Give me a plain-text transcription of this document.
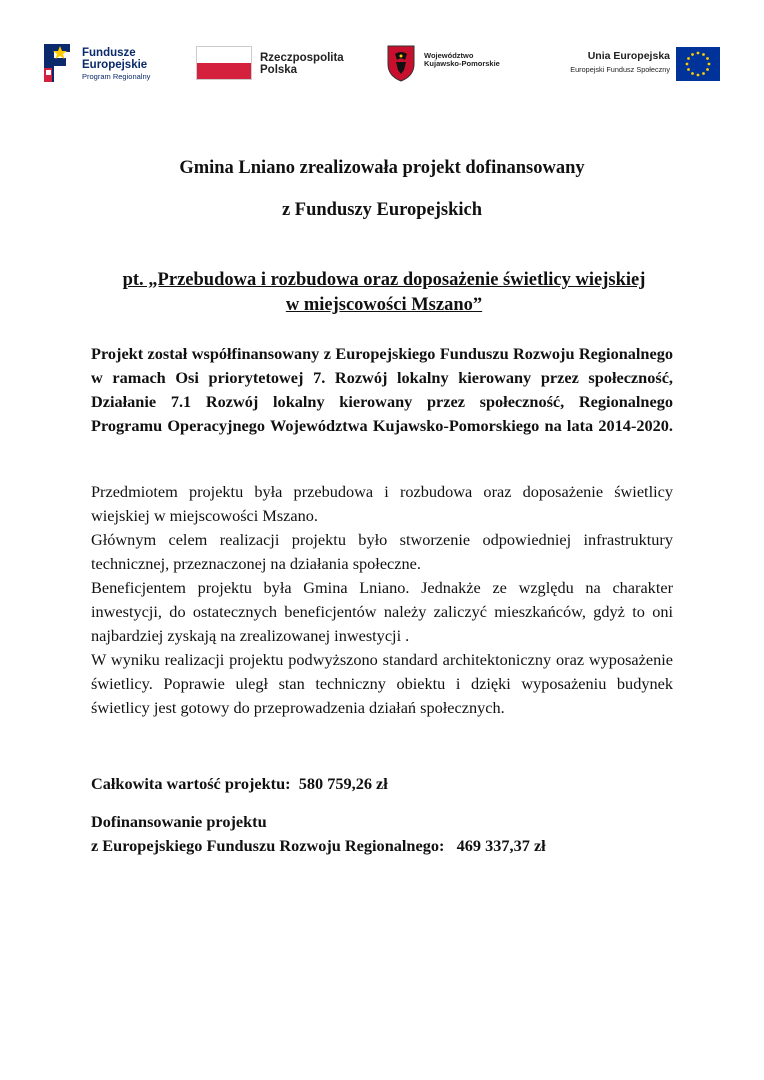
Fundusze
Europejskie
Program Regionalny
Rzeczpospolita
Polska
Województwo
Kujawsko-Pomorskie
Unia Europejska
Europejski Fundusz Społeczny
Gmina Lniano zrealizowała projekt dofinansowany
z Funduszy Europejskich
pt. „Przebudowa i rozbudowa oraz doposażenie świetlicy wiejskiej
w miejscowości Mszano”

Projekt został współfinansowany z Europejskiego Funduszu Rozwoju Regionalnego w ramach Osi priorytetowej 7. Rozwój lokalny kierowany przez społeczność, Działanie 7.1 Rozwój lokalny kierowany przez społeczność, Regionalnego Programu Operacyjnego Województwa Kujawsko-Pomorskiego na lata 2014-2020.

Przedmiotem projektu była przebudowa i rozbudowa oraz doposażenie świetlicy wiejskiej w miejscowości Mszano.

Głównym celem realizacji projektu było stworzenie odpowiedniej infrastruktury technicznej, przeznaczonej na działania społeczne.

Beneficjentem projektu była Gmina Lniano. Jednakże ze względu na charakter inwestycji, do ostatecznych beneficjentów należy zaliczyć mieszkańców, gdyż to oni najbardziej zyskają na zrealizowanej inwestycji .

W wyniku realizacji projektu podwyższono standard architektoniczny oraz wyposażenie świetlicy. Poprawie uległ stan techniczny obiektu i dzięki wyposażeniu budynek świetlicy jest gotowy do przeprowadzenia działań społecznych.

Całkowita wartość projektu:  580 759,26 zł

Dofinansowanie projektu
z Europejskiego Funduszu Rozwoju Regionalnego:   469 337,37 zł
